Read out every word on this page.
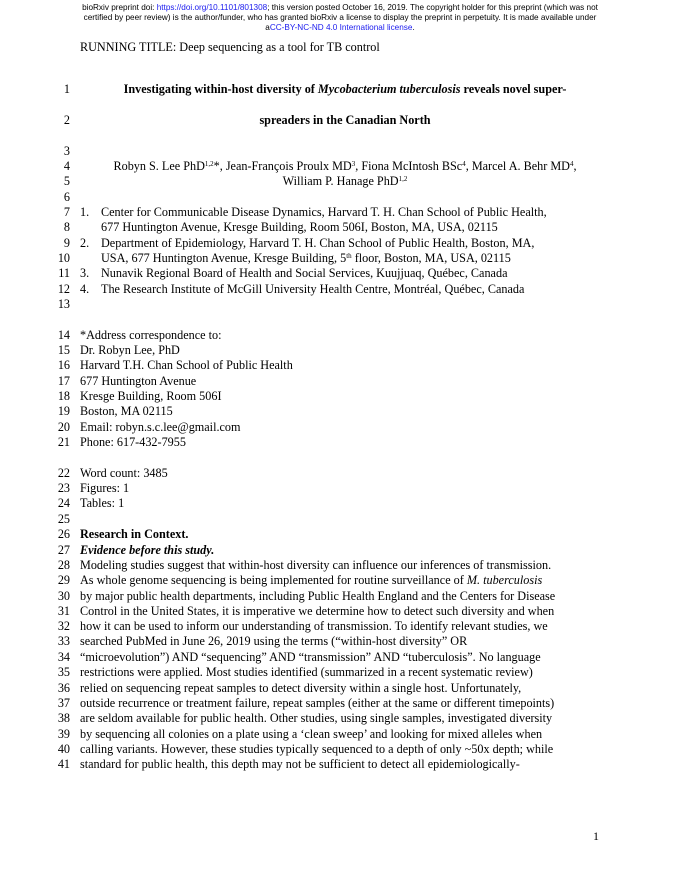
bioRxiv preprint doi: https://doi.org/10.1101/801308; this version posted October 16, 2019. The copyright holder for this preprint (which was not
certified by peer review) is the author/funder, who has granted bioRxiv a license to display the preprint in perpetuity. It is made available under
aCC-BY-NC-ND 4.0 International license.
RUNNING TITLE: Deep sequencing as a tool for TB control
1
2
3
4
5
6
7
8
9
10
11
12
13
14
15
16
17
18
19
20
21
22
23
24
25
26
27
28
29
30
31
32
33
34
35
36
37
38
39
40
41
Investigating within-host diversity of Mycobacterium tuberculosis reveals novel super-
spreaders in the Canadian North
Robyn S. Lee PhD$^{1,2}$*, Jean-François Proulx $MD^3$, Fiona McIntosh BSc$^4$, Marcel A. Behr $MD^4$,
William P. Hanage PhD$^{1,2}$
1. Center for Communicable Disease Dynamics, Harvard T. H. Chan School of Public Health,
677 Huntington Avenue, Kresge Building, Room 506I, Boston, MA, USA, 02115
2. Department of Epidemiology, Harvard T. H. Chan School of Public Health, Boston, MA,
USA, 677 Huntington Avenue, Kresge Building, 5th floor, Boston, MA, USA, 02115
3. Nunavik Regional Board of Health and Social Services, Kuujjuaq, Québec, Canada
4. The Research Institute of McGill University Health Centre, Montréal, Québec, Canada
*Address correspondence to:
Dr. Robyn Lee, PhD
Harvard T.H. Chan School of Public Health
677 Huntington Avenue
Kresge Building, Room 506I
Boston, MA 02115
Email: robyn.s.c.lee@gmail.com
Phone: 617-432-7955
Word count: 3485
Figures: 1
Tables: 1
Research in Context.
Evidence before this study.
Modeling studies suggest that within-host diversity can influence our inferences of transmission.
As whole genome sequencing is being implemented for routine surveillance of M. tuberculosis
by major public health departments, including Public Health England and the Centers for Disease
Control in the United States, it is imperative we determine how to detect such diversity and when
how it can be used to inform our understanding of transmission. To identify relevant studies, we
searched PubMed in June 26, 2019 using the terms (“within-host diversity” OR
“microevolution”) AND “sequencing” AND “transmission” AND “tuberculosis”. No language
restrictions were applied. Most studies identified (summarized in a recent systematic review)
relied on sequencing repeat samples to detect diversity within a single host. Unfortunately,
outside recurrence or treatment failure, repeat samples (either at the same or different timepoints)
are seldom available for public health. Other studies, using single samples, investigated diversity
by sequencing all colonies on a plate using a ‘clean sweep’ and looking for mixed alleles when
calling variants. However, these studies typically sequenced to a depth of only ~50x depth; while
standard for public health, this depth may not be sufficient to detect all epidemiologically-
1
